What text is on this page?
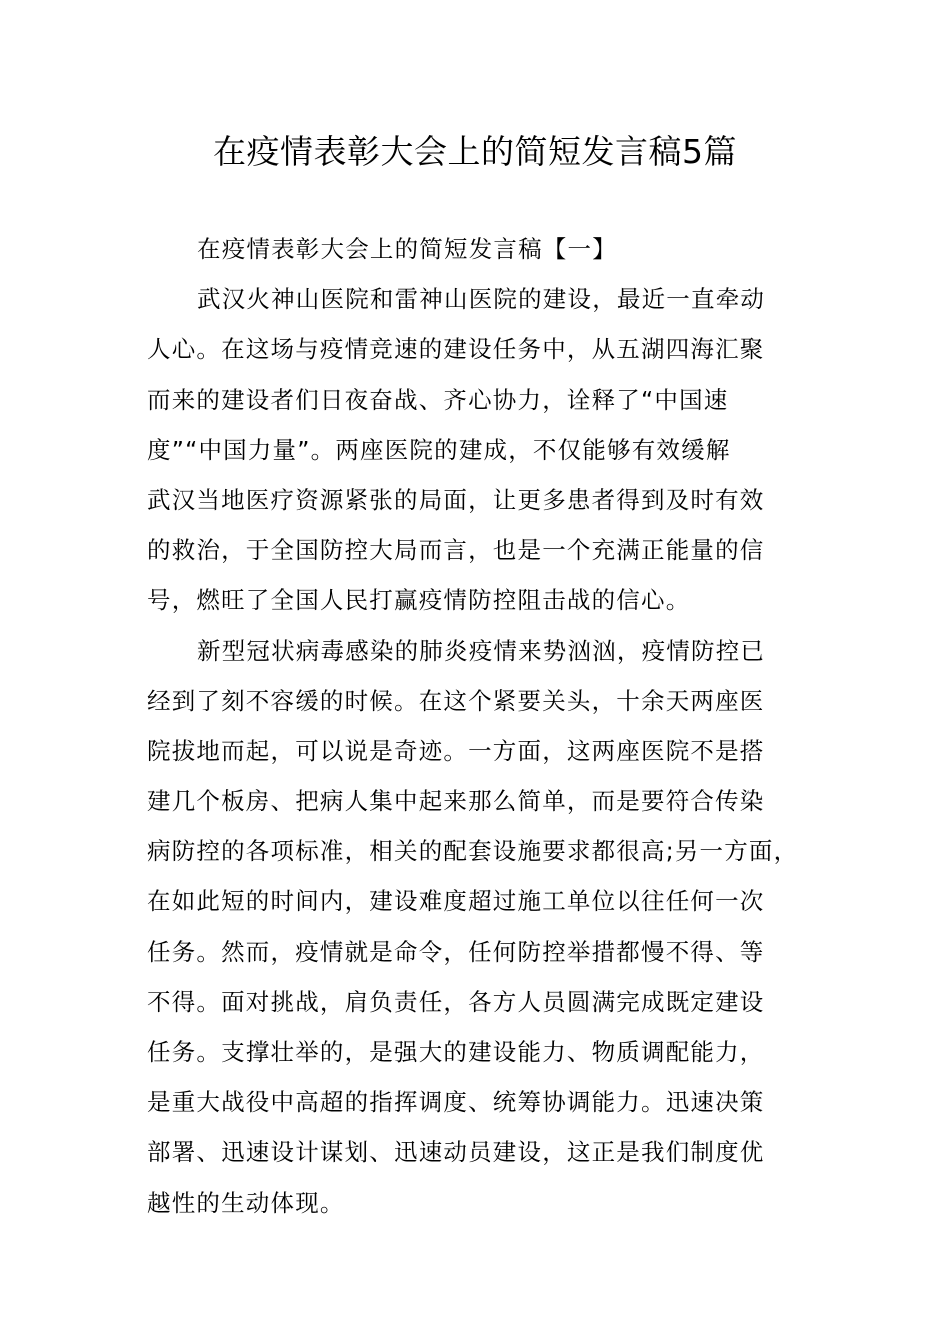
在疫情表彰大会上的简短发言稿5篇
在疫情表彰大会上的简短发言稿【一】
武汉火神山医院和雷神山医院的建设，最近一直牵动
人心。在这场与疫情竞速的建设任务中，从五湖四海汇聚
而来的建设者们日夜奋战、齐心协力，诠释了“中国速
度”“中国力量”。两座医院的建成，不仅能够有效缓解
武汉当地医疗资源紧张的局面，让更多患者得到及时有效
的救治，于全国防控大局而言，也是一个充满正能量的信
号，燃旺了全国人民打赢疫情防控阻击战的信心。
新型冠状病毒感染的肺炎疫情来势汹汹，疫情防控已
经到了刻不容缓的时候。在这个紧要关头，十余天两座医
院拔地而起，可以说是奇迹。一方面，这两座医院不是搭
建几个板房、把病人集中起来那么简单，而是要符合传染
病防控的各项标准，相关的配套设施要求都很高;另一方面，
在如此短的时间内，建设难度超过施工单位以往任何一次
任务。然而，疫情就是命令，任何防控举措都慢不得、等
不得。面对挑战，肩负责任，各方人员圆满完成既定建设
任务。支撑壮举的，是强大的建设能力、物质调配能力，
是重大战役中高超的指挥调度、统筹协调能力。迅速决策
部署、迅速设计谋划、迅速动员建设，这正是我们制度优
越性的生动体现。
